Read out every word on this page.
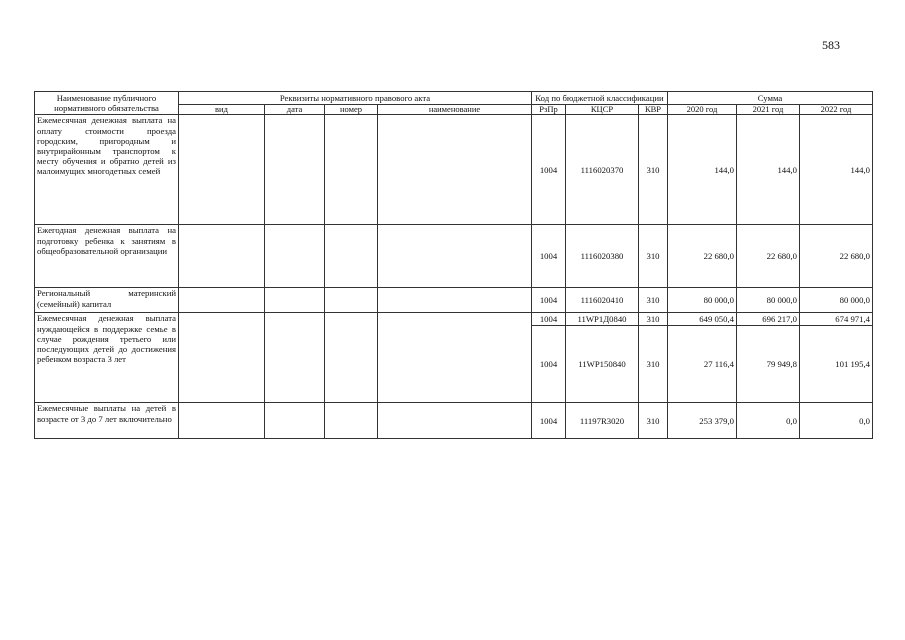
583
Наименование публичного нормативного обязательства	Реквизиты нормативного правового акта				Код по бюджетной классификации			Сумма		
	вид	дата	номер	наименование	РзПр	КЦСР	КВР	2020 год	2021 год	2022 год
Ежемесячная денежная выплата на оплату стоимости проезда городским, пригородным и внутрирайонным транспортом к месту обучения и обратно детей из малоимущих многодетных семей					1004	1116020370	310	144,0	144,0	144,0
Ежегодная денежная выплата на подготовку ребенка к занятиям в общеобразовательной организации					1004	1116020380	310	22 680,0	22 680,0	22 680,0
Региональный материнский (семейный) капитал					1004	1116020410	310	80 000,0	80 000,0	80 000,0
Ежемесячная денежная выплата нуждающейся в поддержке семье в случае рождения третьего или последующих детей до достижения ребенком возраста 3 лет					1004	11WP1Д0840	310	649 050,4	696 217,0	674 971,4
					1004	11WP150840	310	27 116,4	79 949,8	101 195,4
Ежемесячные выплаты на детей в возрасте от 3 до 7 лет включительно					1004	11197R3020	310	253 379,0	0,0	0,0
